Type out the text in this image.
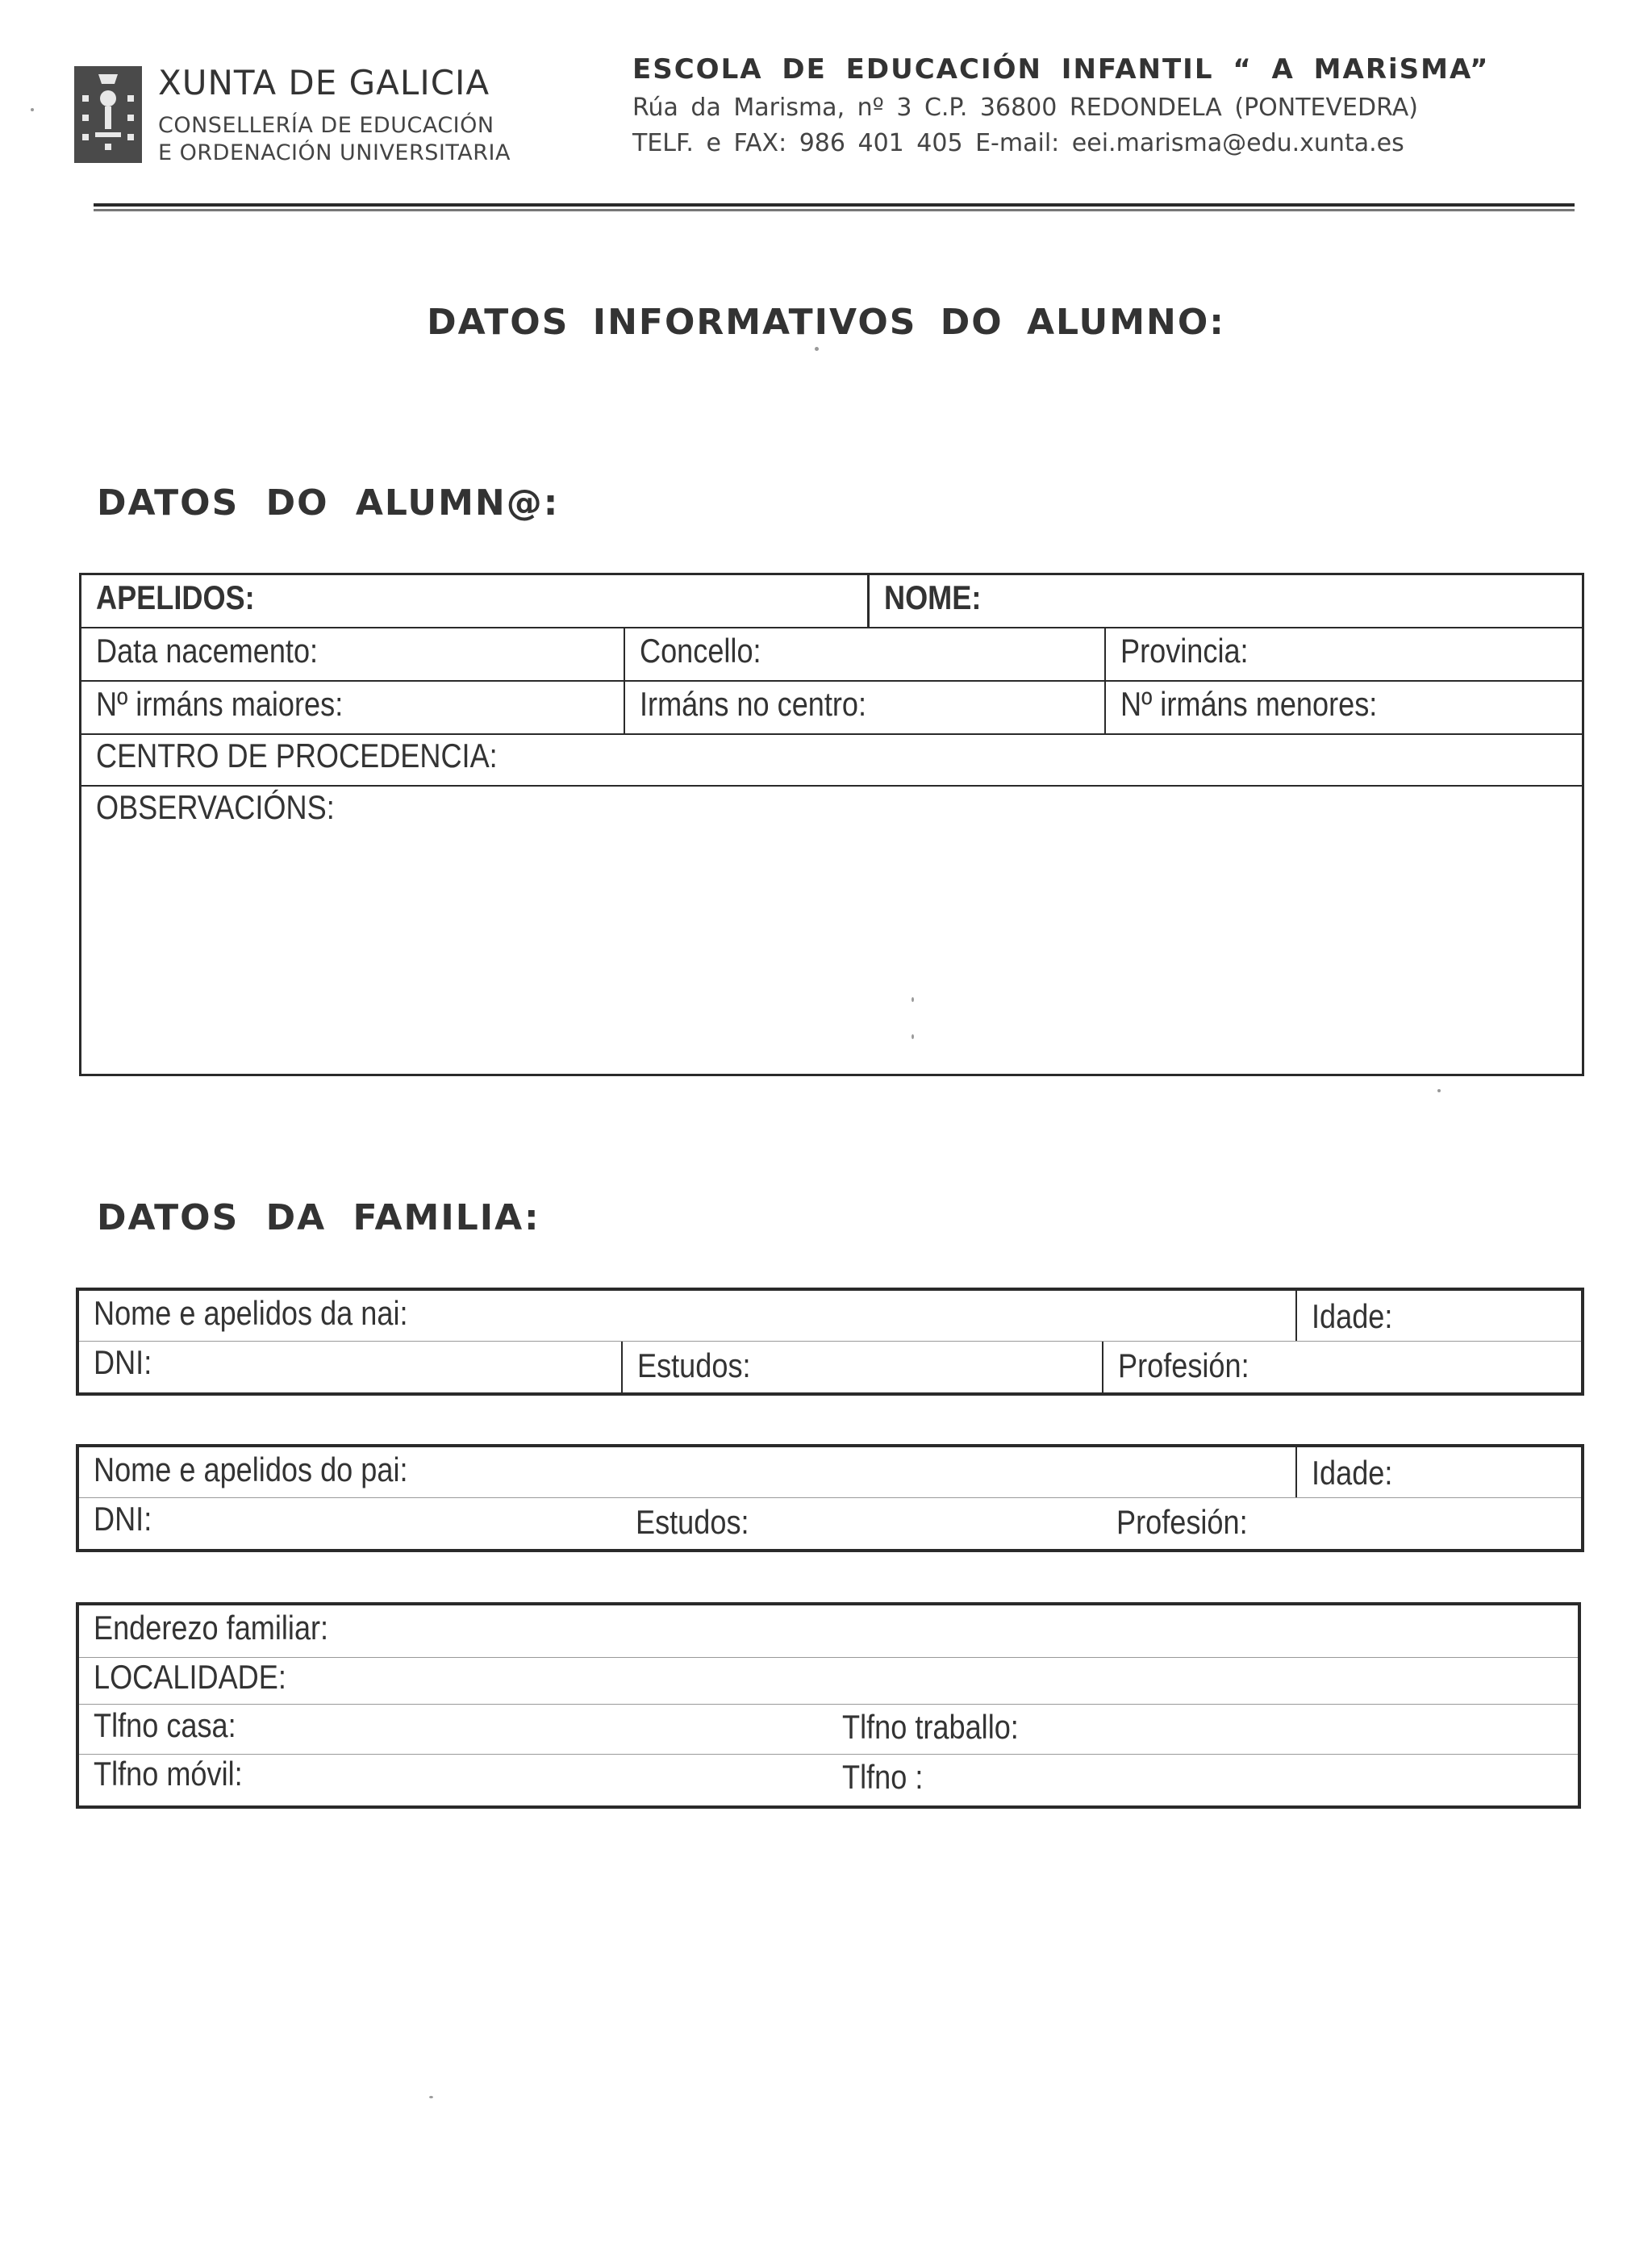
XUNTA DE GALICIA
CONSELLERÍA DE EDUCACIÓN
E ORDENACIÓN UNIVERSITARIA
ESCOLA DE EDUCACIÓN INFANTIL “ A MARiSMA”
Rúa da Marisma, nº 3 C.P. 36800 REDONDELA (PONTEVEDRA)
TELF. e FAX: 986 401 405 E-mail: eei.marisma@edu.xunta.es
DATOS INFORMATIVOS DO ALUMNO:
DATOS DO ALUMN@:
APELIDOS:	NOME:
Data nacemento:	Concello:	Provincia:
Nº irmáns maiores:	Irmáns no centro:	Nº irmáns menores:
CENTRO DE PROCEDENCIA:
OBSERVACIÓNS:
DATOS DA FAMILIA:
Nome e apelidos da nai:	Idade:
DNI:	Estudos:	Profesión:
Nome e apelidos do pai:	Idade:
DNI:	Estudos:	Profesión:
Enderezo familiar:
LOCALIDADE:
Tlfno casa:	Tlfno traballo:
Tlfno móvil:	Tlfno :
